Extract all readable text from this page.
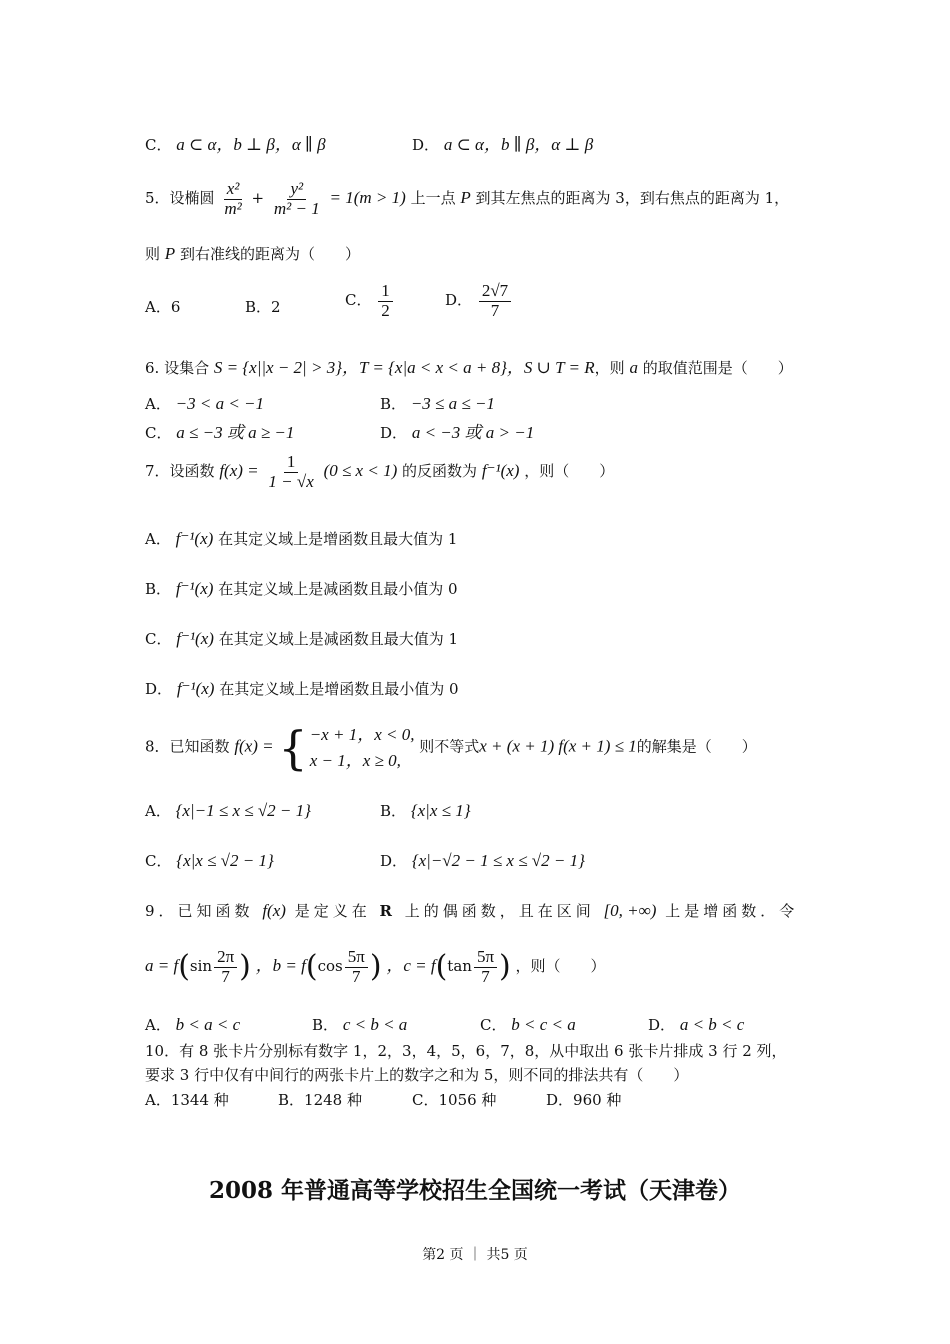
C． a ⊂ α，b ⊥ β，α ∥ β	D． a ⊂ α，b ∥ β，α ⊥ β
5．设椭圆 $\frac{\text{x²}}{\text{m²}} + \frac{\text{y²}}{\text{m² − 1}} = 1(m > 1)$ 上一点 P 到其左焦点的距离为 3，到右焦点的距离为 1，
则 P 到右准线的距离为（　　）
A．6	B．2	C． $\frac{1}{2}$	D． $\frac{2√7}{7}$
6. 设集合 S = {x||x − 2| > 3}，T = {x|a < x < a + 8}，S ∪ T = R，则 a 的取值范围是（　　）
A． −3 < a < −1	B． −3 ≤ a ≤ −1
C． a ≤ −3 或 a ≥ −1	D． a < −3 或 a > −1
7．设函数 $f(x) = \frac{1}{1 - √x} (0 \le x < 1)$ 的反函数为 f⁻¹(x) ，则（　　）
A． f⁻¹(x) 在其定义域上是增函数且最大值为 1
B． f⁻¹(x) 在其定义域上是减函数且最小值为 0
C． f⁻¹(x) 在其定义域上是减函数且最大值为 1
D． f⁻¹(x) 在其定义域上是增函数且最小值为 0
8．已知函数 f(x) = { −x + 1，x < 0,
x − 1，x ≥ 0,
则不等式x + (x + 1) f(x + 1) ≤ 1的解集是（　　）
A． {x|−1 ≤ x ≤ √2 − 1}	B． {x|x ≤ 1}
C． {x|x ≤ √2 − 1}	D． {x|−√2 − 1 ≤ x ≤ √2 − 1}
9．已知函数 f(x) 是定义在 R 上的偶函数，且在区间 [0, +∞) 上是增函数．令
$a = f(\sin \frac{2\pi}{7}$ ) ，$b = f(\cos \frac{5\pi}{7}$ ) ，$c = f(\tan \frac{5\pi}{7}$ ) ，则（　　）
A． b < a < c	B． c < b < a	C． b < c < a	D． a < b < c
10．有 8 张卡片分别标有数字 1，2，3，4，5，6，7，8，从中取出 6 张卡片排成 3 行 2 列，
要求 3 行中仅有中间行的两张卡片上的数字之和为 5，则不同的排法共有（　　）
A．1344 种	B．1248 种	C．1056 种	D．960 种
2008 年普通高等学校招生全国统一考试（天津卷）
第2 页 ｜ 共5 页
